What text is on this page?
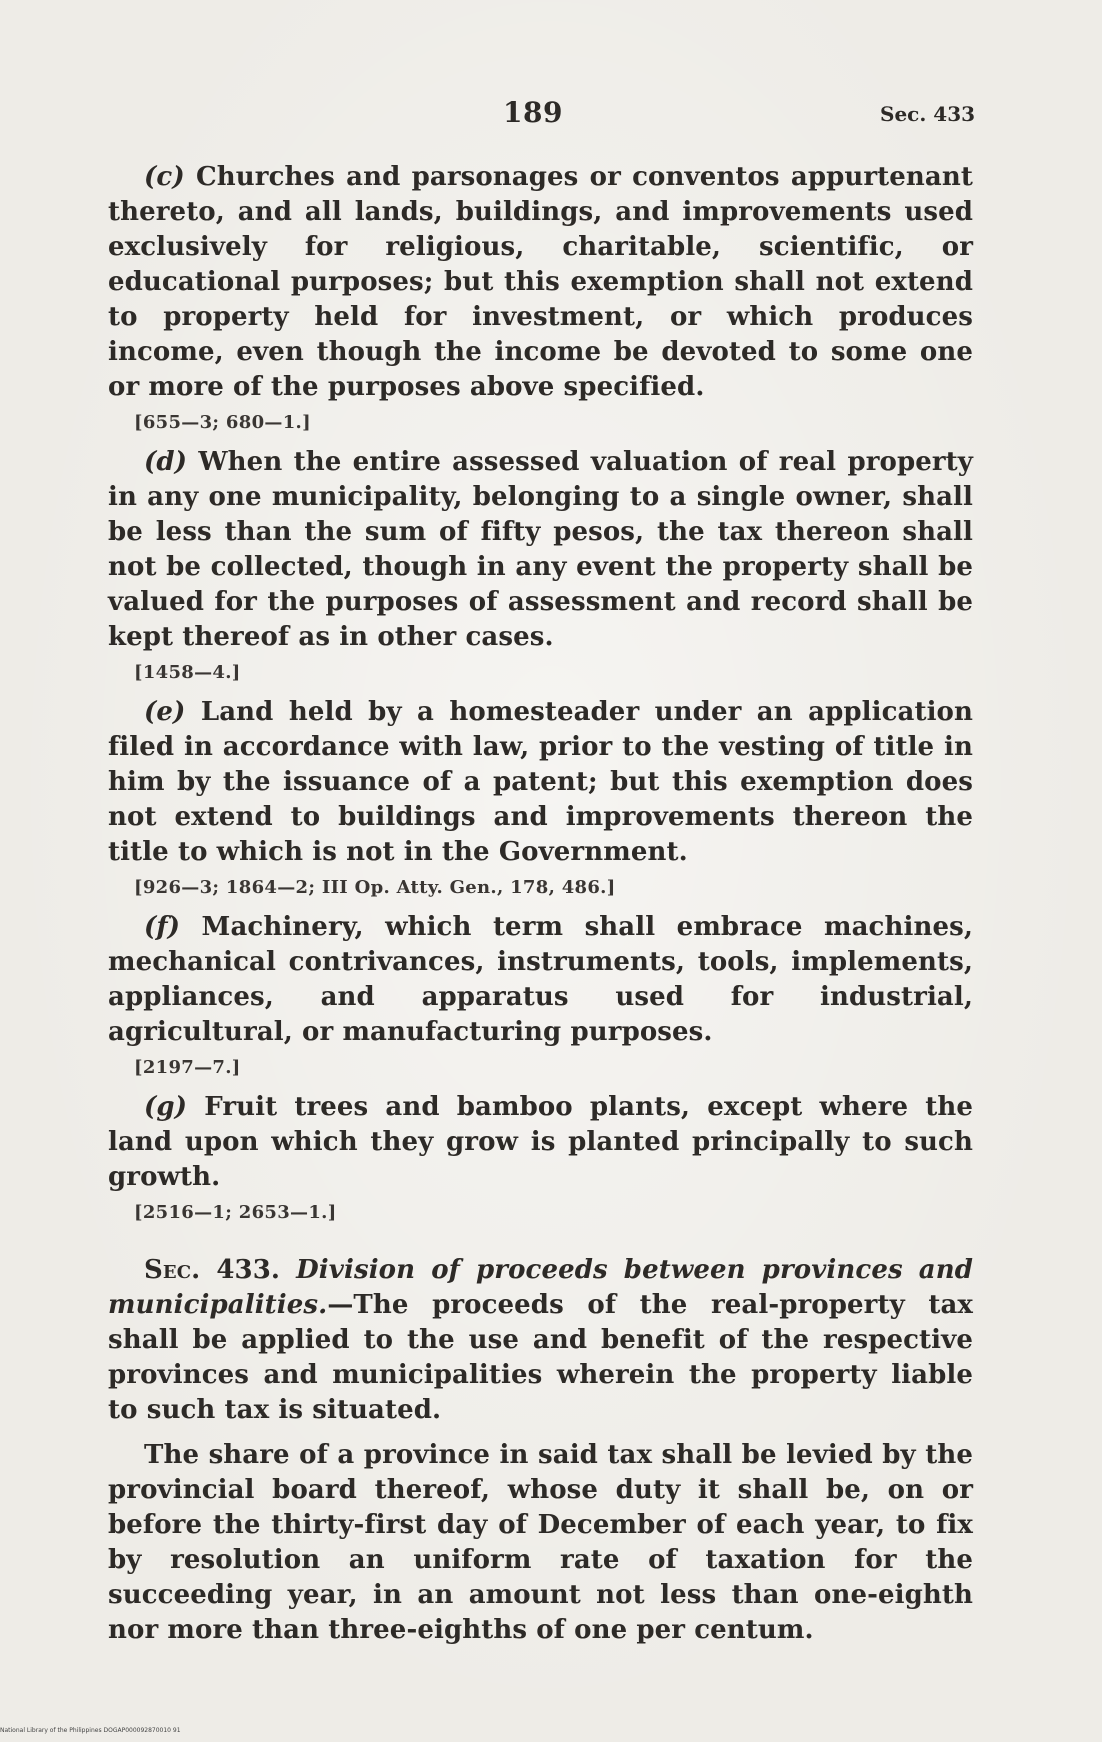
189	Sec. 433

(c) Churches and parsonages or conventos appurtenant thereto, and all lands, buildings, and improvements used exclusively for religious, charitable, scientific, or educational purposes; but this exemption shall not extend to property held for investment, or which produces income, even though the income be devoted to some one or more of the purposes above specified.

[655—3; 680—1.]

(d) When the entire assessed valuation of real property in any one municipality, belonging to a single owner, shall be less than the sum of fifty pesos, the tax thereon shall not be collected, though in any event the property shall be valued for the purposes of assessment and record shall be kept thereof as in other cases.

[1458—4.]

(e) Land held by a homesteader under an application filed in accordance with law, prior to the vesting of title in him by the issuance of a patent; but this exemption does not extend to buildings and improvements thereon the title to which is not in the Government.

[926—3; 1864—2; III Op. Atty. Gen., 178, 486.]

(f) Machinery, which term shall embrace machines, mechanical contrivances, instruments, tools, implements, appliances, and apparatus used for industrial, agricultural, or manufacturing purposes.

[2197—7.]

(g) Fruit trees and bamboo plants, except where the land upon which they grow is planted principally to such growth.

[2516—1; 2653—1.]

Sec. 433. Division of proceeds between provinces and municipalities.—The proceeds of the real-property tax shall be applied to the use and benefit of the respective provinces and municipalities wherein the property liable to such tax is situated.

The share of a province in said tax shall be levied by the provincial board thereof, whose duty it shall be, on or before the thirty-first day of December of each year, to fix by resolution an uniform rate of taxation for the succeeding year, in an amount not less than one-eighth nor more than three-eighths of one per centum.

National Library of the Philippines DOGAP000092870010 91
